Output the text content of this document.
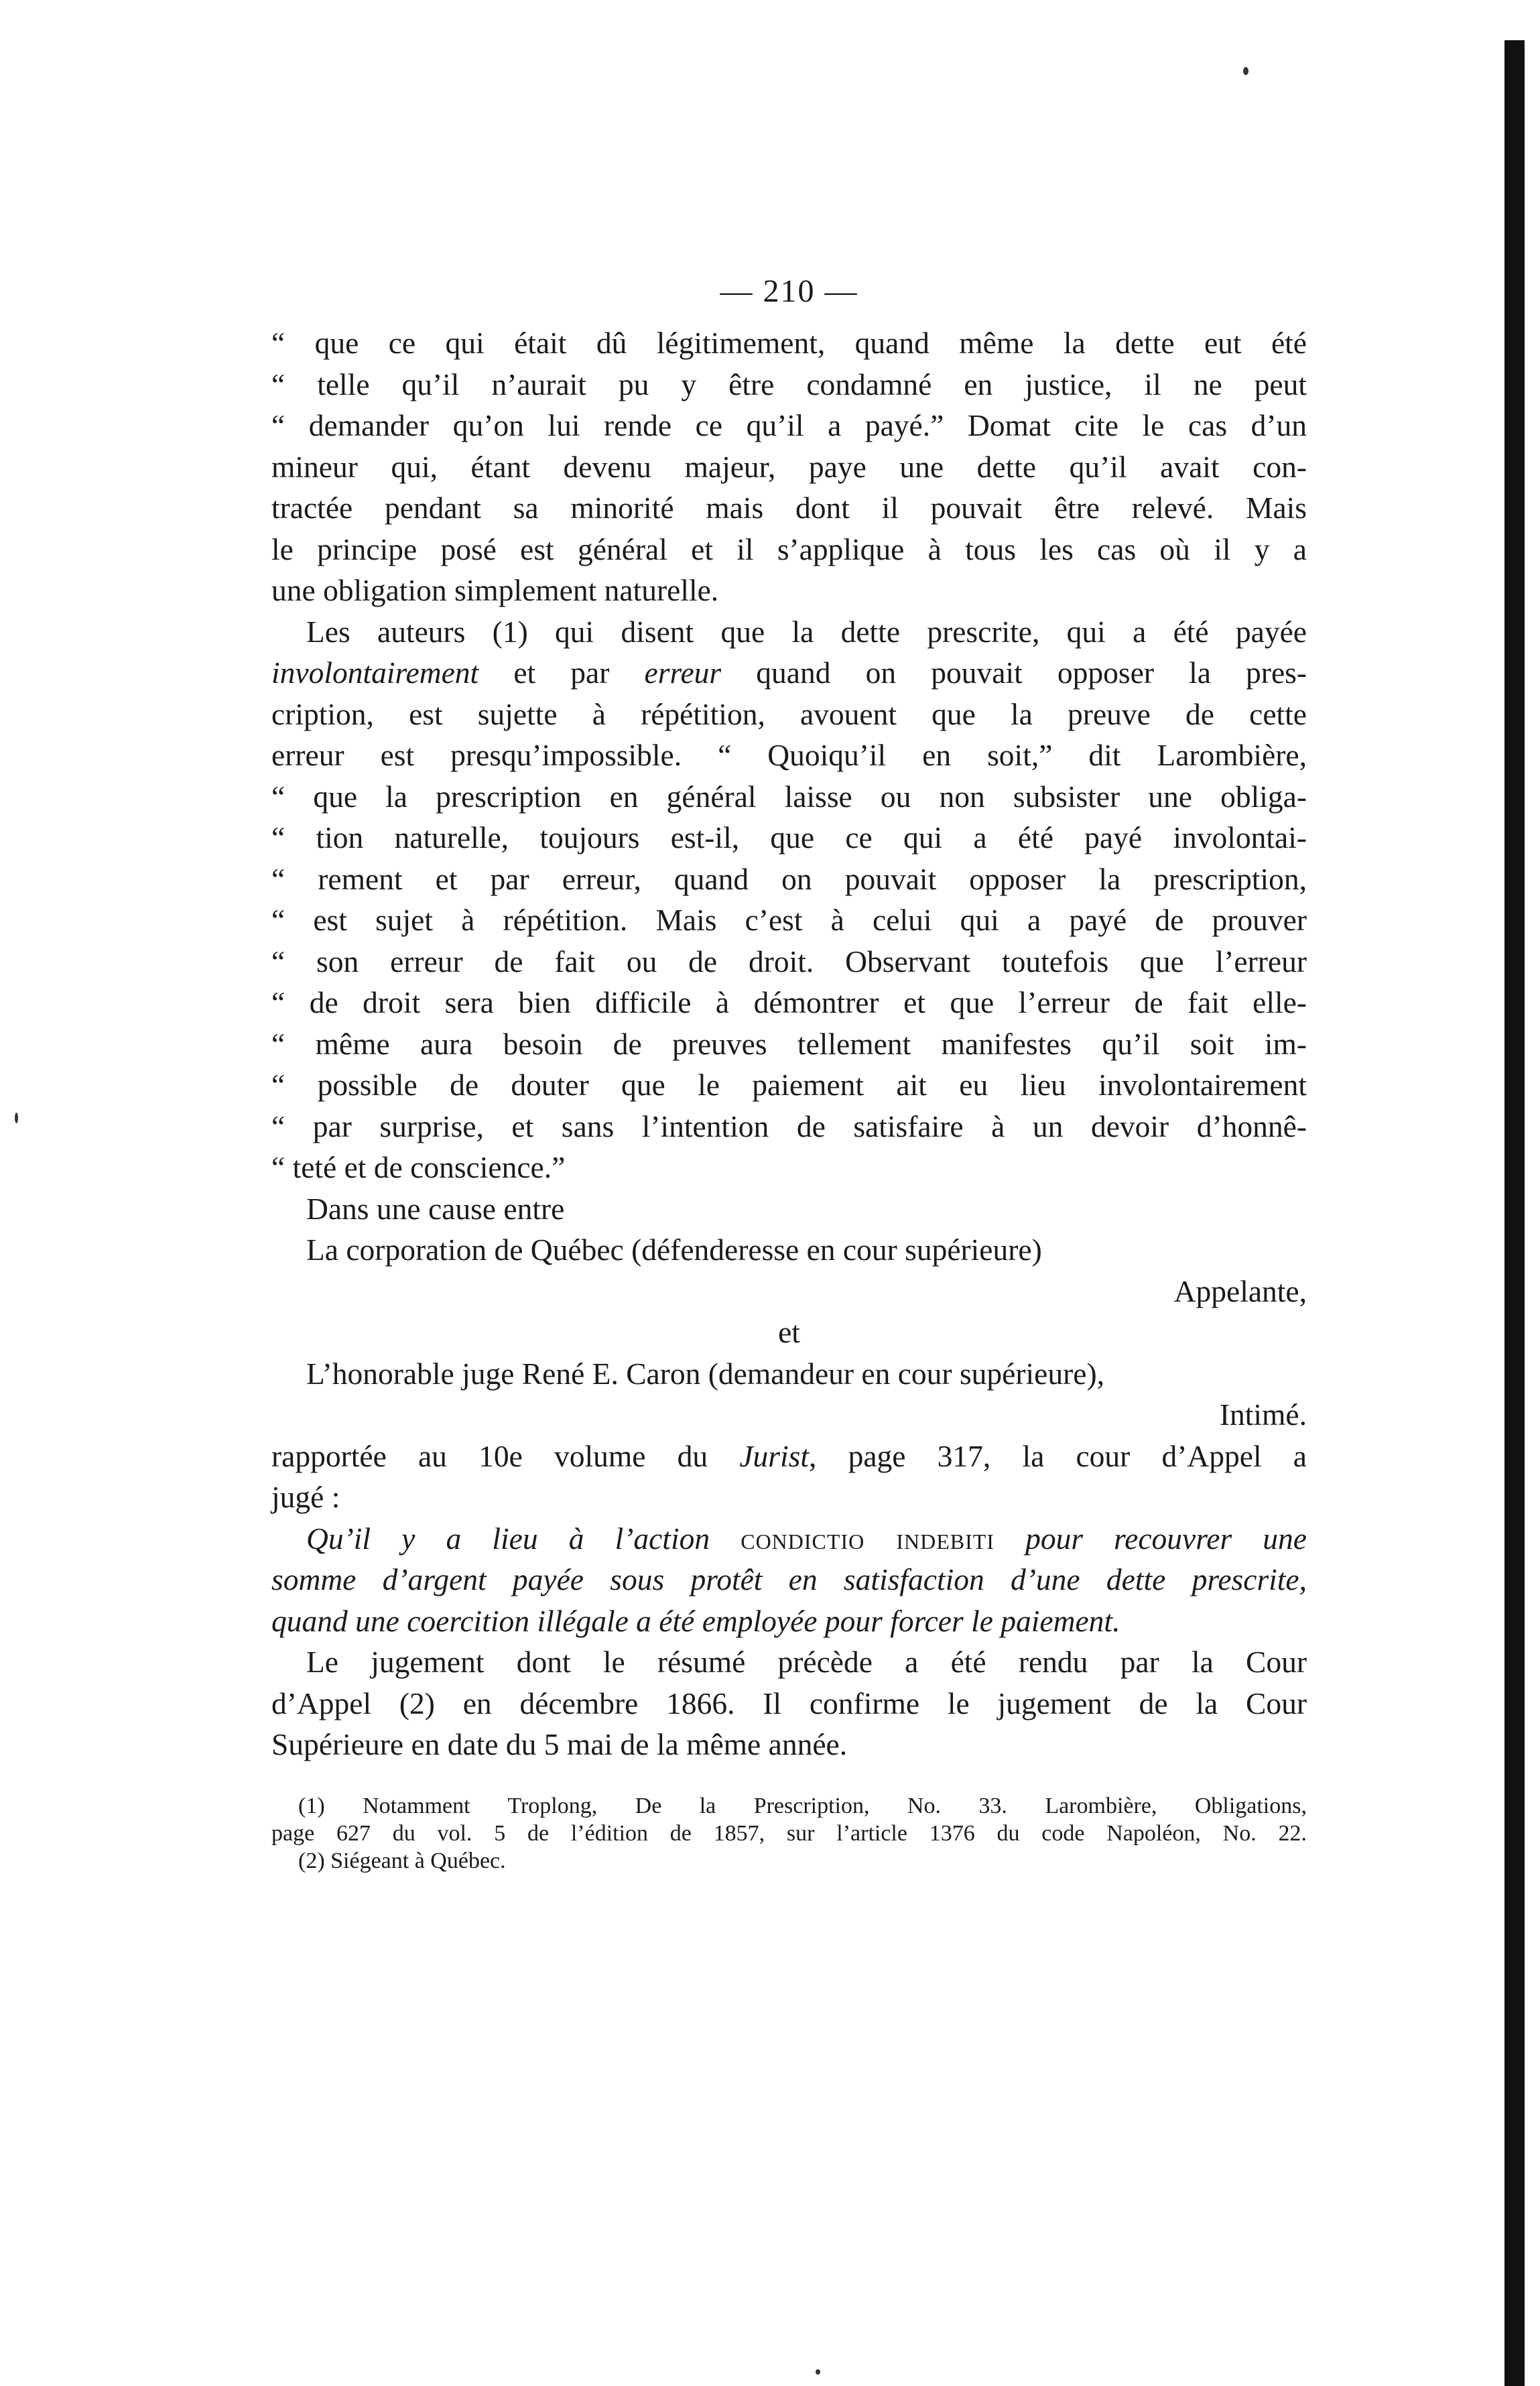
— 210 —
“ que ce qui était dû légitimement, quand même la dette eut été
“ telle qu’il n’aurait pu y être condamné en justice, il ne peut
“ demander qu’on lui rende ce qu’il a payé.” Domat cite le cas d’un
mineur qui, étant devenu majeur, paye une dette qu’il avait con-
tractée pendant sa minorité mais dont il pouvait être relevé. Mais
le principe posé est général et il s’applique à tous les cas où il y a
une obligation simplement naturelle.
Les auteurs (1) qui disent que la dette prescrite, qui a été payée
involontairement et par erreur quand on pouvait opposer la pres-
cription, est sujette à répétition, avouent que la preuve de cette
erreur est presqu’impossible. “ Quoiqu’il en soit,” dit Larombière,
“ que la prescription en général laisse ou non subsister une obliga-
“ tion naturelle, toujours est-il, que ce qui a été payé involontai-
“ rement et par erreur, quand on pouvait opposer la prescription,
“ est sujet à répétition. Mais c’est à celui qui a payé de prouver
“ son erreur de fait ou de droit. Observant toutefois que l’erreur
“ de droit sera bien difficile à démontrer et que l’erreur de fait elle-
“ même aura besoin de preuves tellement manifestes qu’il soit im-
“ possible de douter que le paiement ait eu lieu involontairement
“ par surprise, et sans l’intention de satisfaire à un devoir d’honnê-
“ teté et de conscience.”
Dans une cause entre
La corporation de Québec (défenderesse en cour supérieure)
Appelante,
et
L’honorable juge René E. Caron (demandeur en cour supérieure),
Intimé.
rapportée au 10e volume du Jurist, page 317, la cour d’Appel a
jugé :
Qu’il y a lieu à l’action condictio indebiti pour recouvrer une
somme d’argent payée sous protêt en satisfaction d’une dette prescrite,
quand une coercition illégale a été employée pour forcer le paiement.
Le jugement dont le résumé précède a été rendu par la Cour
d’Appel (2) en décembre 1866. Il confirme le jugement de la Cour
Supérieure en date du 5 mai de la même année.
(1) Notamment Troplong, De la Prescription, No. 33. Larombière, Obligations,
page 627 du vol. 5 de l’édition de 1857, sur l’article 1376 du code Napoléon, No. 22.
(2) Siégeant à Québec.
